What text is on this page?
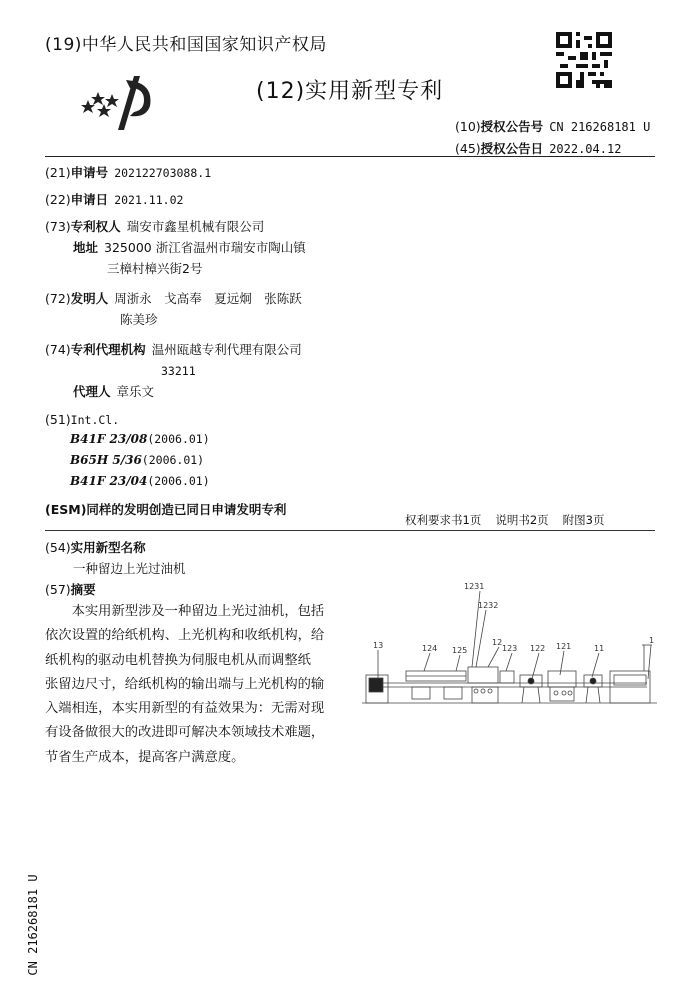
(19)中华人民共和国国家知识产权局
(12)实用新型专利
(10)授权公告号 CN 216268181 U
(45)授权公告日 2022.04.12
(21)申请号 202122703088.1
(22)申请日 2021.11.02
(73)专利权人 瑞安市鑫星机械有限公司
地址 325000 浙江省温州市瑞安市陶山镇
三樟村樟兴街2号
(72)发明人 周浙永　戈高奉　夏远炯　张陈跃
陈美珍
(74)专利代理机构 温州瓯越专利代理有限公司
33211
代理人 章乐文
(51)Int.Cl.
B41F 23/08(2006.01)
B65H 5/36(2006.01)
B41F 23/04(2006.01)
(ESM)同样的发明创造已同日申请发明专利
权利要求书1页 说明书2页 附图3页
(54)实用新型名称
一种留边上光过油机
(57)摘要
　　本实用新型涉及一种留边上光过油机，包括
依次设置的给纸机构、上光机构和收纸机构，给
纸机构的驱动电机替换为伺服电机从而调整纸
张留边尺寸，给纸机构的输出端与上光机构的输
入端相连，本实用新型的有益效果为：无需对现
有设备做很大的改进即可解决本领域技术难题，
节省生产成本，提高客户满意度。
1231
1232
13	124 125
12
123 122 121	11
1
CN 216268181 U
